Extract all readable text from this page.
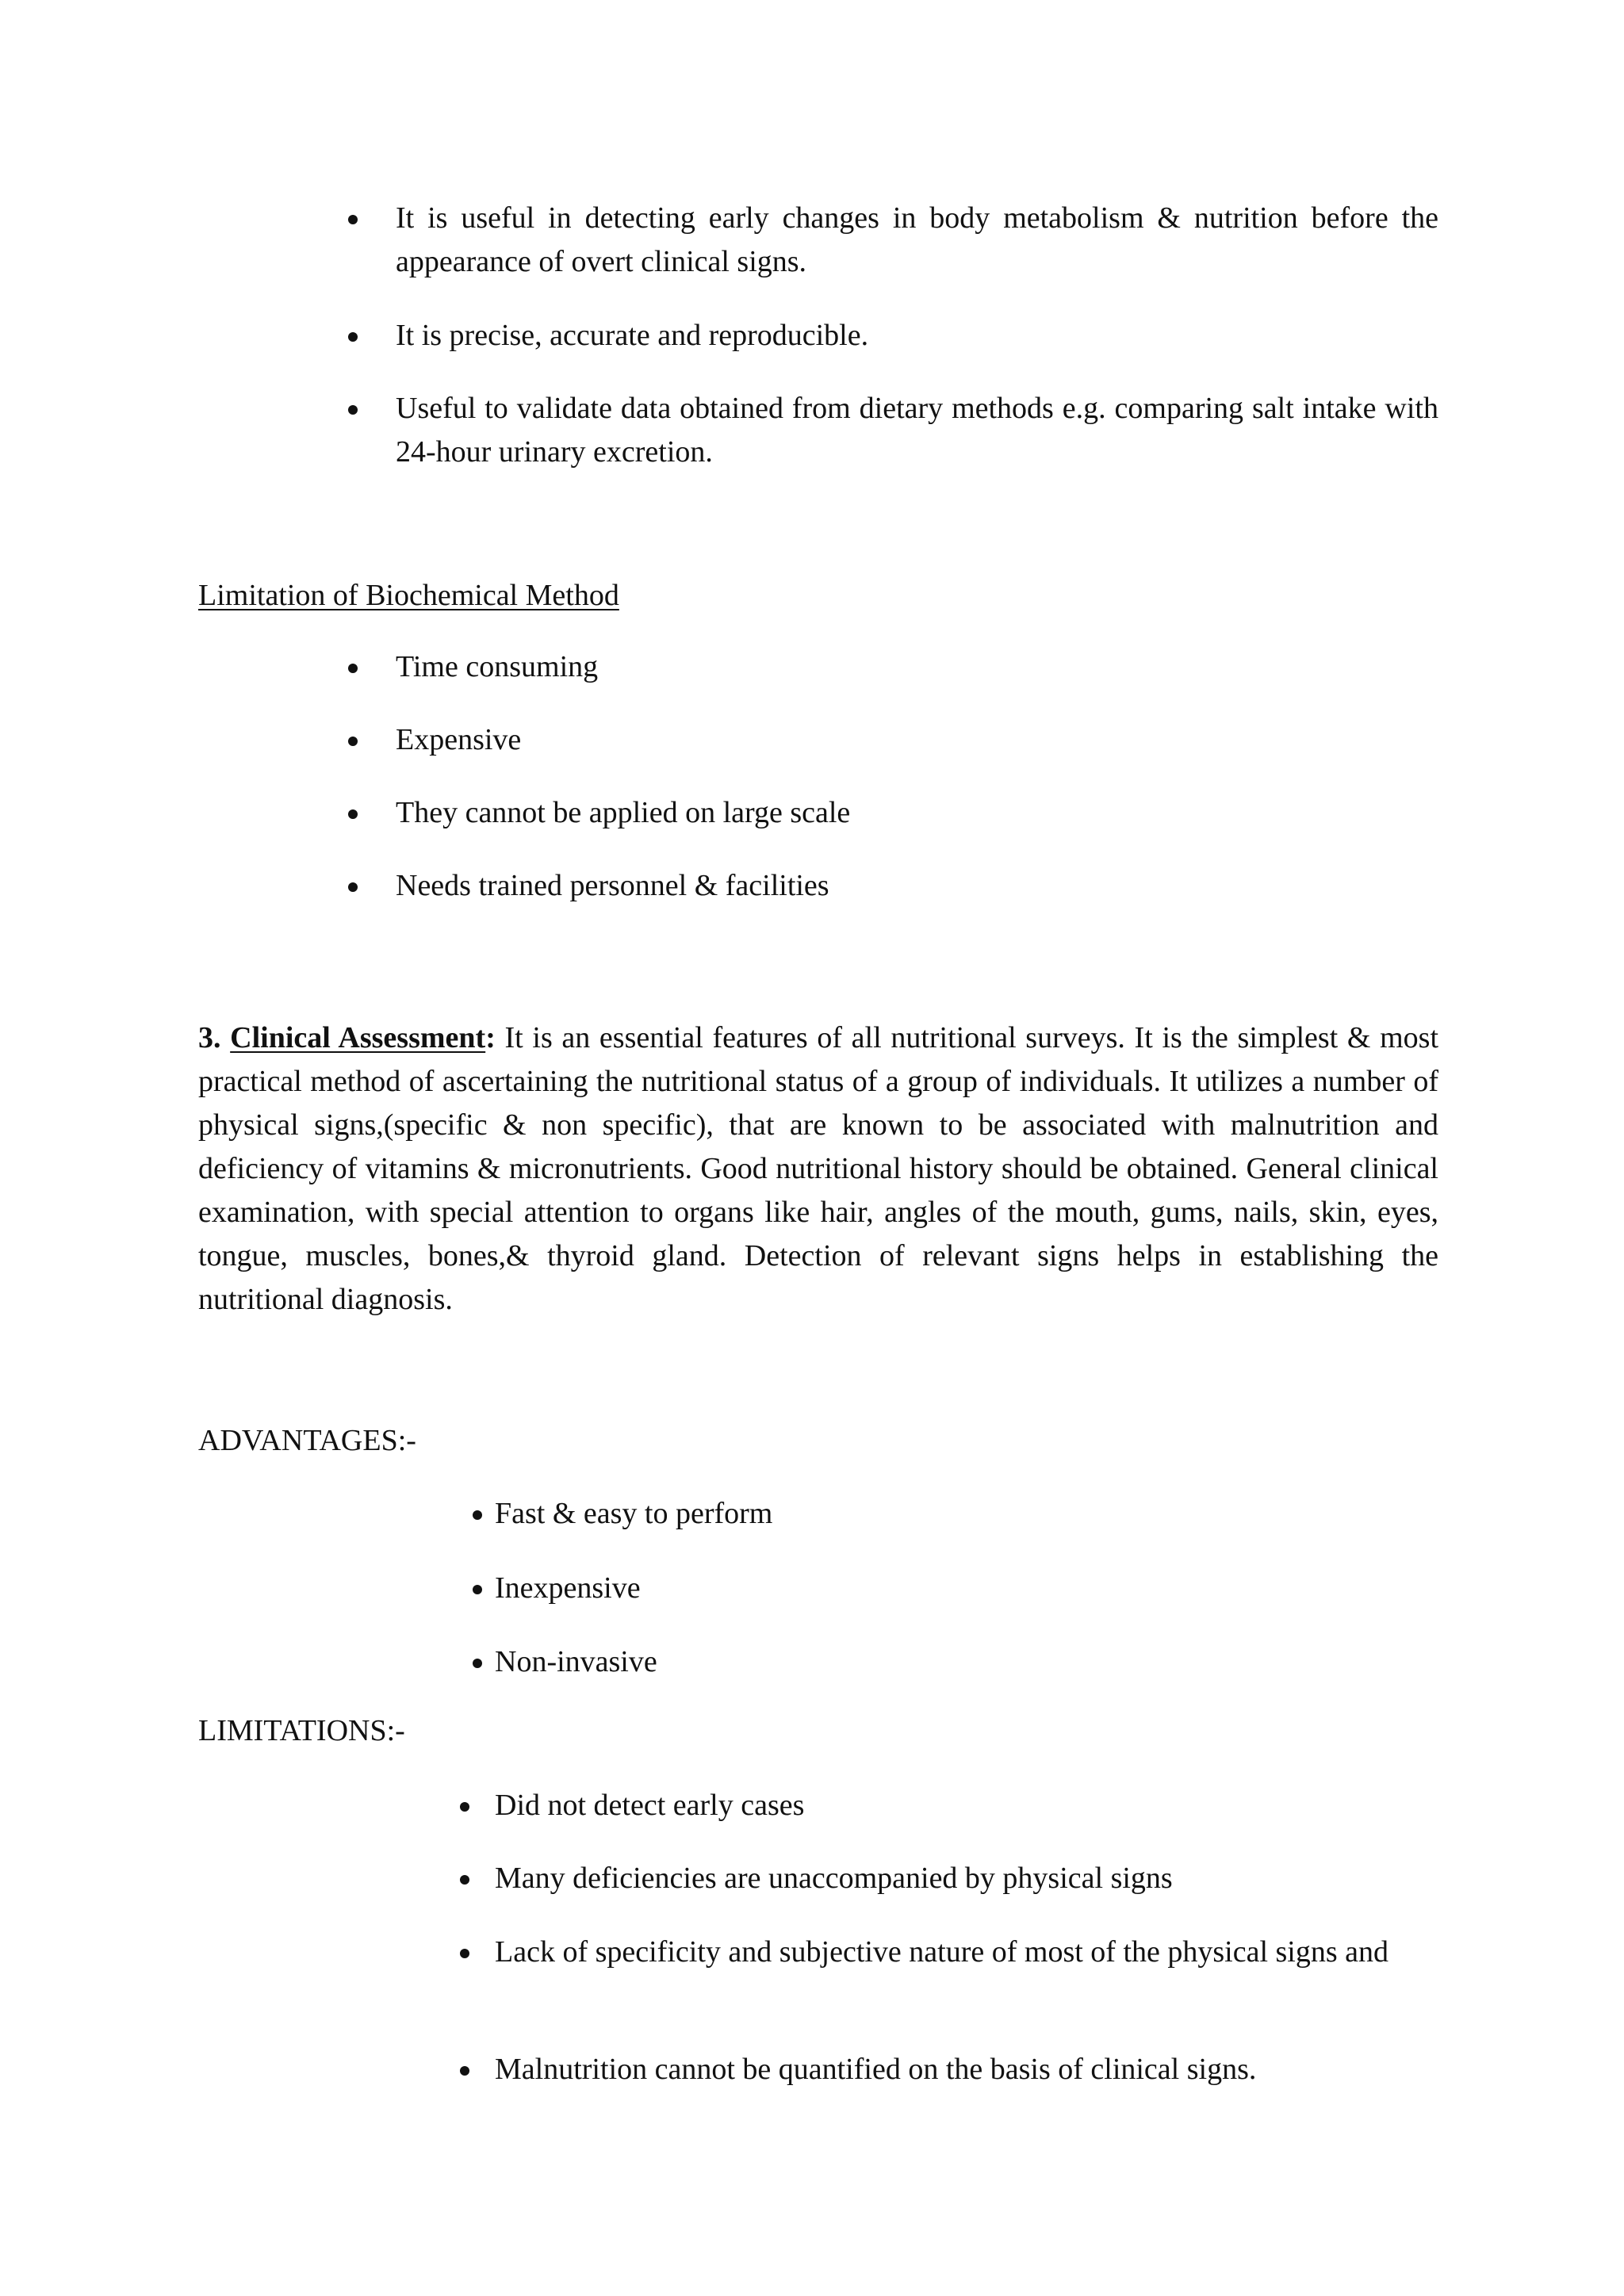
It is useful in detecting early changes in body metabolism & nutrition before the appearance of overt clinical signs.
It is precise, accurate and reproducible.
Useful to validate data obtained from dietary methods e.g. comparing salt intake with 24-hour urinary excretion.

Limitation of Biochemical Method

Time consuming
Expensive
They cannot be applied on large scale
Needs trained personnel & facilities

3. Clinical Assessment: It is an essential features of all nutritional surveys. It is the simplest & most practical method of ascertaining the nutritional status of a group of individuals. It utilizes a number of physical signs,(specific & non specific), that are known to be associated with malnutrition and deficiency of vitamins & micronutrients. Good nutritional history should be obtained. General clinical examination, with special attention to organs like hair, angles of the mouth, gums, nails, skin, eyes, tongue, muscles, bones,& thyroid gland. Detection of relevant signs helps in establishing the nutritional diagnosis.

ADVANTAGES:-

Fast & easy to perform
Inexpensive
Non-invasive

LIMITATIONS:-

Did not detect early cases
Many deficiencies are unaccompanied by physical signs
Lack of specificity and subjective nature of most of the physical signs and
Malnutrition cannot be quantified on the basis of clinical signs.
